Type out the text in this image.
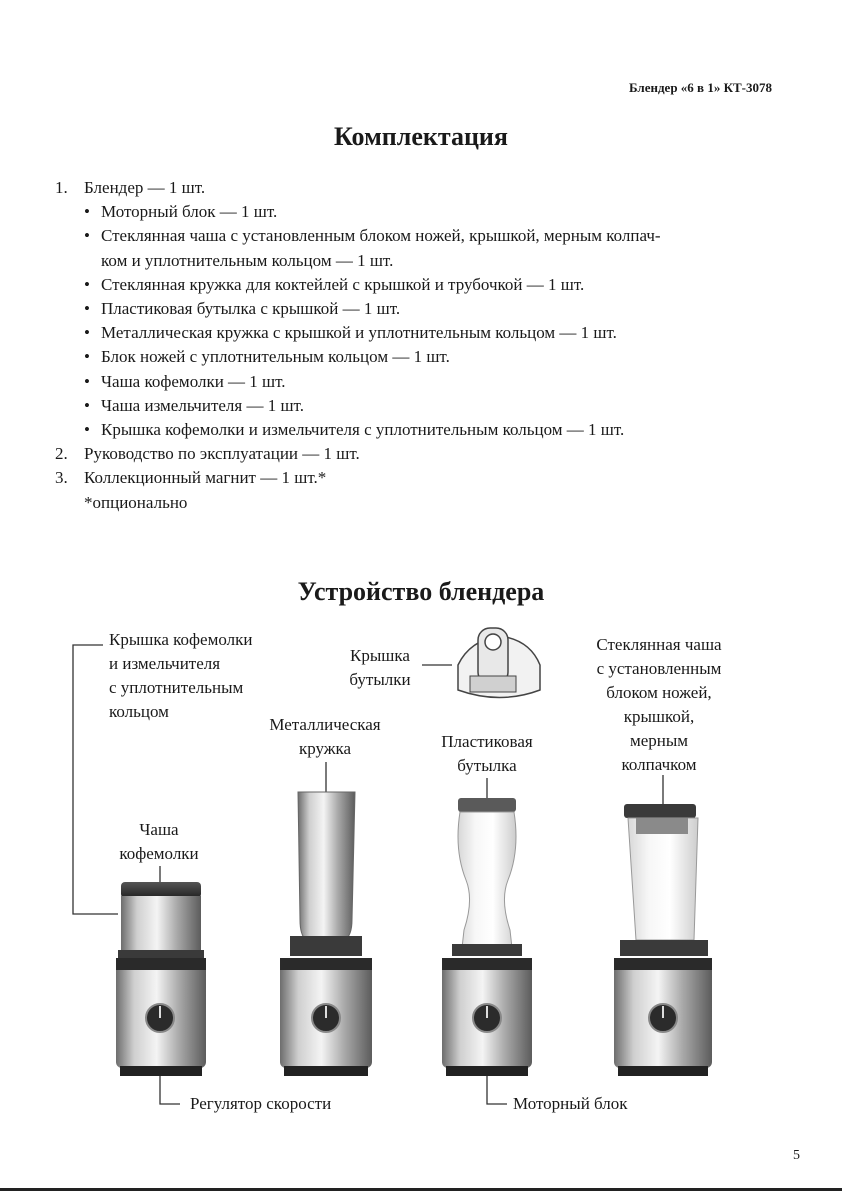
Блендер «6 в 1» КТ-3078
Комплектация
1. Блендер — 1 шт.
• Моторный блок — 1 шт.
• Стеклянная чаша с установленным блоком ножей, крышкой, мерным колпач-
ком и уплотнительным кольцом — 1 шт.
• Стеклянная кружка для коктейлей с крышкой и трубочкой — 1 шт.
• Пластиковая бутылка с крышкой — 1 шт.
• Металлическая кружка с крышкой и уплотнительным кольцом — 1 шт.
• Блок ножей с уплотнительным кольцом — 1 шт.
• Чаша кофемолки — 1 шт.
• Чаша измельчителя — 1 шт.
• Крышка кофемолки и измельчителя с уплотнительным кольцом — 1 шт.
2. Руководство по эксплуатации — 1 шт.
3. Коллекционный магнит — 1 шт.*
*опционально
Устройство блендера
Крышка кофемолки
и измельчителя
с уплотнительным
кольцом
Крышка
бутылки
Стеклянная чаша
с установленным
блоком ножей,
крышкой,
мерным
колпачком
Металлическая
кружка	Пластиковая
бутылка
Чаша
кофемолки
Регулятор скорости	Моторный блок
5
